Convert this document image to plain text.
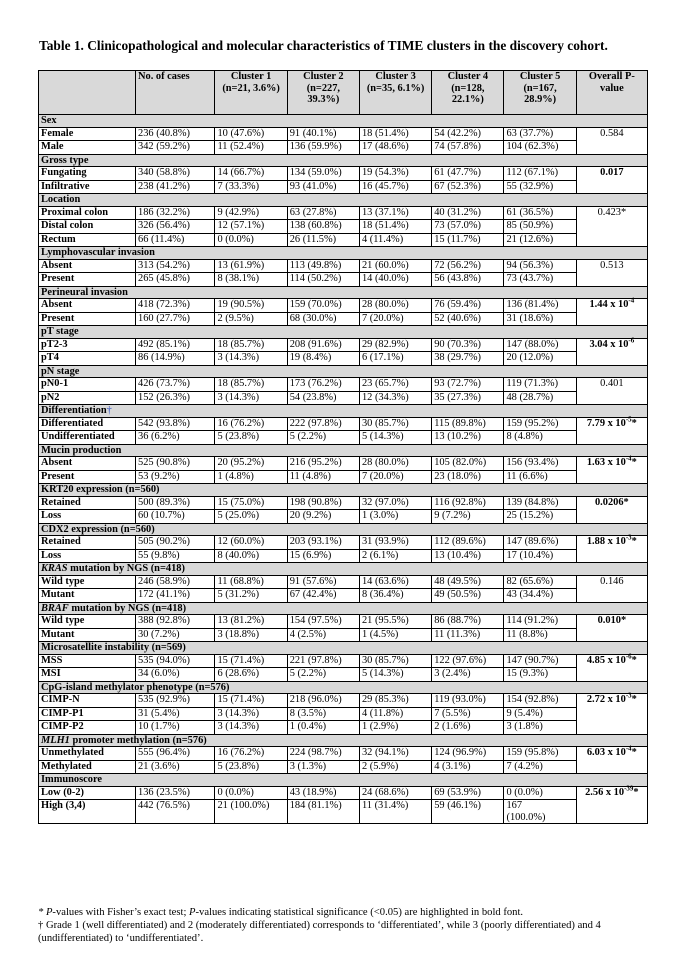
Table 1. Clinicopathological and molecular characteristics of TIME clusters in the discovery cohort.
	No. of cases	Cluster 1 (n=21, 3.6%)	Cluster 2 (n=227, 39.3%)	Cluster 3 (n=35, 6.1%)	Cluster 4 (n=128, 22.1%)	Cluster 5 (n=167, 28.9%)	Overall P-value
Sex							
Female	236 (40.8%)	10 (47.6%)	91 (40.1%)	18 (51.4%)	54 (42.2%)	63 (37.7%)	0.584
Male	342 (59.2%)	11 (52.4%)	136 (59.9%)	17 (48.6%)	74 (57.8%)	104 (62.3%)	
Gross type							
Fungating	340 (58.8%)	14 (66.7%)	134 (59.0%)	19 (54.3%)	61 (47.7%)	112 (67.1%)	0.017
Infiltrative	238 (41.2%)	7 (33.3%)	93 (41.0%)	16 (45.7%)	67 (52.3%)	55 (32.9%)	
Location							
Proximal colon	186 (32.2%)	9 (42.9%)	63 (27.8%)	13 (37.1%)	40 (31.2%)	61 (36.5%)	0.423*
Distal colon	326 (56.4%)	12 (57.1%)	138 (60.8%)	18 (51.4%)	73 (57.0%)	85 (50.9%)	
Rectum	66 (11.4%)	0 (0.0%)	26 (11.5%)	4 (11.4%)	15 (11.7%)	21 (12.6%)	
Lymphovascular invasion							
Absent	313 (54.2%)	13 (61.9%)	113 (49.8%)	21 (60.0%)	72 (56.2%)	94 (56.3%)	0.513
Present	265 (45.8%)	8 (38.1%)	114 (50.2%)	14 (40.0%)	56 (43.8%)	73 (43.7%)	
Perineural invasion							
Absent	418 (72.3%)	19 (90.5%)	159 (70.0%)	28 (80.0%)	76 (59.4%)	136 (81.4%)	1.44 x $10^{-4}$
Present	160 (27.7%)	2 (9.5%)	68 (30.0%)	7 (20.0%)	52 (40.6%)	31 (18.6%)	
pT stage							
pT2-3	492 (85.1%)	18 (85.7%)	208 (91.6%)	29 (82.9%)	90 (70.3%)	147 (88.0%)	3.04 x $10^{-6}$
pT4	86 (14.9%)	3 (14.3%)	19 (8.4%)	6 (17.1%)	38 (29.7%)	20 (12.0%)	
pN stage							
pN0-1	426 (73.7%)	18 (85.7%)	173 (76.2%)	23 (65.7%)	93 (72.7%)	119 (71.3%)	0.401
pN2	152 (26.3%)	3 (14.3%)	54 (23.8%)	12 (34.3%)	35 (27.3%)	48 (28.7%)	
Differentiation†							
Differentiated	542 (93.8%)	16 (76.2%)	222 (97.8%)	30 (85.7%)	115 (89.8%)	159 (95.2%)	7.79 x $10^{-5}*$
Undifferentiated	36 (6.2%)	5 (23.8%)	5 (2.2%)	5 (14.3%)	13 (10.2%)	8 (4.8%)	
Mucin production							
Absent	525 (90.8%)	20 (95.2%)	216 (95.2%)	28 (80.0%)	105 (82.0%)	156 (93.4%)	1.63 x $10^{-4}*$
Present	53 (9.2%)	1 (4.8%)	11 (4.8%)	7 (20.0%)	23 (18.0%)	11 (6.6%)	
KRT20 expression (n=560)							
Retained	500 (89.3%)	15 (75.0%)	198 (90.8%)	32 (97.0%)	116 (92.8%)	139 (84.8%)	0.0206*
Loss	60 (10.7%)	5 (25.0%)	20 (9.2%)	1 (3.0%)	9 (7.2%)	25 (15.2%)	
CDX2 expression (n=560)							
Retained	505 (90.2%)	12 (60.0%)	203 (93.1%)	31 (93.9%)	112 (89.6%)	147 (89.6%)	1.88 x $10^{-3}*$
Loss	55 (9.8%)	8 (40.0%)	15 (6.9%)	2 (6.1%)	13 (10.4%)	17 (10.4%)	
KRAS mutation by NGS (n=418)							
Wild type	246 (58.9%)	11 (68.8%)	91 (57.6%)	14 (63.6%)	48 (49.5%)	82 (65.6%)	0.146
Mutant	172 (41.1%)	5 (31.2%)	67 (42.4%)	8 (36.4%)	49 (50.5%)	43 (34.4%)	
BRAF mutation by NGS (n=418)							
Wild type	388 (92.8%)	13 (81.2%)	154 (97.5%)	21 (95.5%)	86 (88.7%)	114 (91.2%)	0.010*
Mutant	30 (7.2%)	3 (18.8%)	4 (2.5%)	1 (4.5%)	11 (11.3%)	11 (8.8%)	
Microsatellite instability (n=569)							
MSS	535 (94.0%)	15 (71.4%)	221 (97.8%)	30 (85.7%)	122 (97.6%)	147 (90.7%)	4.85 x $10^{-6}*$
MSI	34 (6.0%)	6 (28.6%)	5 (2.2%)	5 (14.3%)	3 (2.4%)	15 (9.3%)	
CpG-island methylator phenotype (n=576)							
CIMP-N	535 (92.9%)	15 (71.4%)	218 (96.0%)	29 (85.3%)	119 (93.0%)	154 (92.8%)	2.72 x $10^{-3}*$
CIMP-P1	31 (5.4%)	3 (14.3%)	8 (3.5%)	4 (11.8%)	7 (5.5%)	9 (5.4%)	
CIMP-P2	10 (1.7%)	3 (14.3%)	1 (0.4%)	1 (2.9%)	2 (1.6%)	3 (1.8%)	
MLH1 promoter methylation (n=576)							
Unmethylated	555 (96.4%)	16 (76.2%)	224 (98.7%)	32 (94.1%)	124 (96.9%)	159 (95.8%)	6.03 x $10^{-4}*$
Methylated	21 (3.6%)	5 (23.8%)	3 (1.3%)	2 (5.9%)	4 (3.1%)	7 (4.2%)	
Immunoscore							
Low (0-2)	136 (23.5%)	0 (0.0%)	43 (18.9%)	24 (68.6%)	69 (53.9%)	0 (0.0%)	2.56 x $10^{-39}*$
High (3,4)	442 (76.5%)	21 (100.0%)	184 (81.1%)	11 (31.4%)	59 (46.1%)	167 (100.0%)	

* P-values with Fisher’s exact test; P-values indicating statistical significance (<0.05) are highlighted in bold font.

† Grade 1 (well differentiated) and 2 (moderately differentiated) corresponds to ‘differentiated’, while 3 (poorly differentiated) and 4 (undifferentiated) to ‘undifferentiated’.
